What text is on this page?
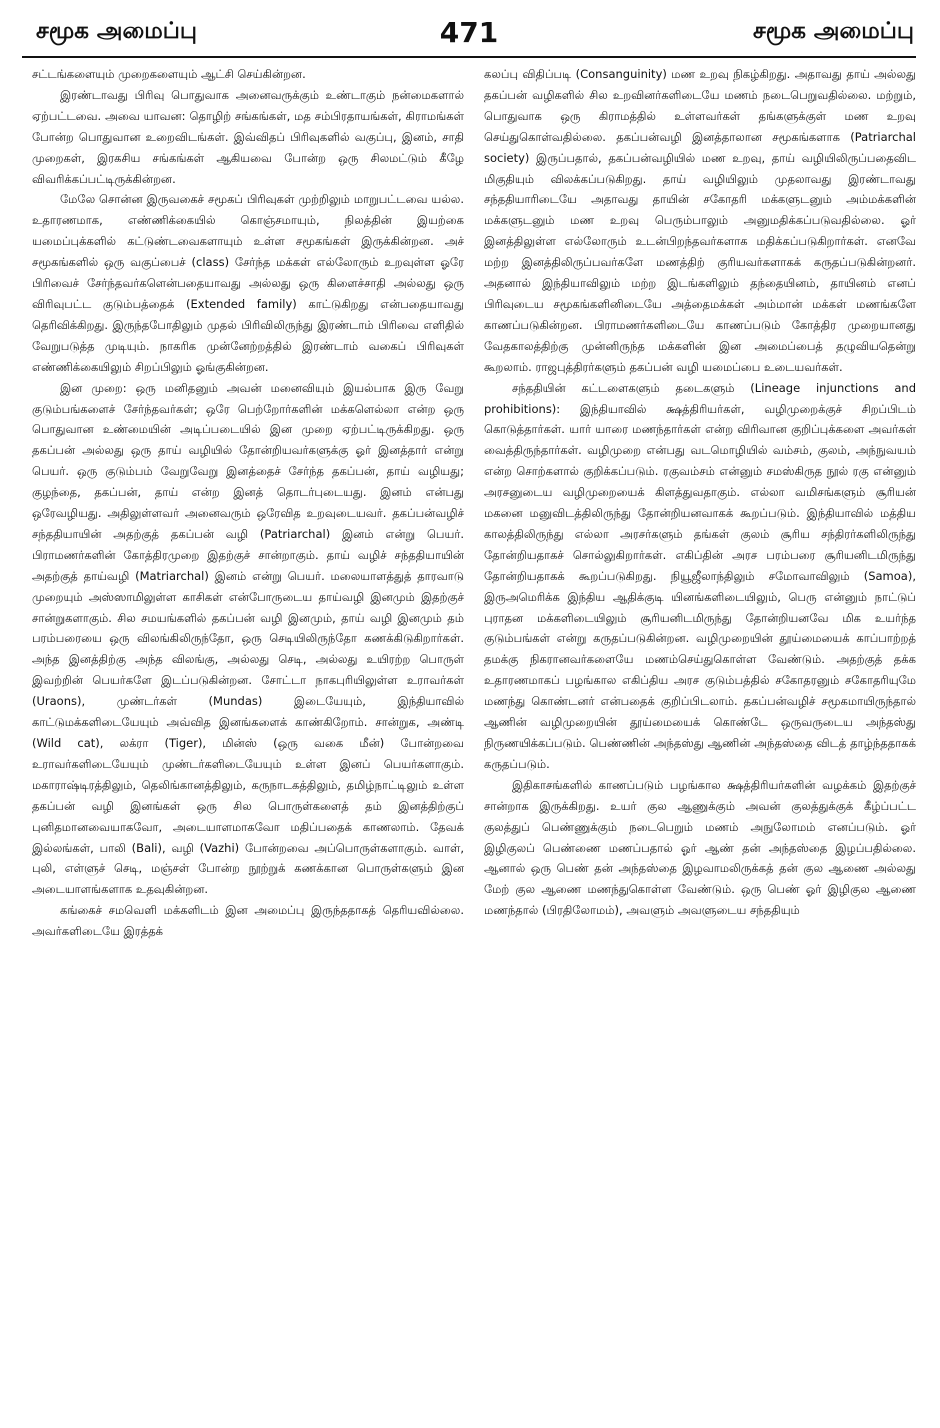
சமூக அமைப்பு	471	சமூக அமைப்பு

சட்டங்களையும் முறைகளையும் ஆட்சி செய்கின்றன.

இரண்டாவது பிரிவு பொதுவாக அனைவருக்கும் உண்டாகும் நன்மைகளால் ஏற்பட்டவை. அவை யாவன: தொழிற் சங்கங்கள், மத சம்பிரதாயங்கள், கிராமங்கள் போன்ற பொதுவான உறைவிடங்கள். இவ்விதப் பிரிவுகளில் வகுப்பு, இனம், சாதி முறைகள், இரகசிய சங்கங்கள் ஆகியவை போன்ற ஒரு சிலமட்டும் கீழே விவரிக்கப்பட்டிருக்கின்றன.

மேலே சொன்ன இருவகைச் சமூகப் பிரிவுகள் முற்றிலும் மாறுபட்டவை யல்ல. உதாரணமாக, எண்ணிக்கையில் கொஞ்சமாயும், நிலத்தின் இயற்கை யமைப்புக்களில் கட்டுண்டவைகளாயும் உள்ள சமூகங்கள் இருக்கின்றன. அச் சமூகங்களில் ஒரு வகுப்பைச் (class) சேர்ந்த மக்கள் எல்லோரும் உறவுள்ள ஓரே பிரிவைச் சேர்ந்தவர்களென்பதையாவது அல்லது ஒரு கிளைச்சாதி அல்லது ஒரு விரிவுபட்ட குடும்பத்தைக் (Extended family) காட்டுகிறது என்பதையாவது தெரிவிக்கிறது. இருந்தபோதிலும் முதல் பிரிவிலிருந்து இரண்டாம் பிரிவை எளிதில் வேறுபடுத்த முடியும். நாகரிக முன்னேற்றத்தில் இரண்டாம் வகைப் பிரிவுகள் எண்ணிக்கையிலும் சிறப்பிலும் ஓங்குகின்றன.

இன முறை: ஒரு மனிதனும் அவன் மனைவியும் இயல்பாக இரு வேறு குடும்பங்களைச் சேர்ந்தவர்கள்; ஒரே பெற்றோர்களின் மக்களெல்லா என்ற ஒரு பொதுவான உண்மையின் அடிப்படையில் இன முறை ஏற்பட்டிருக்கிறது. ஒரு தகப்பன் அல்லது ஒரு தாய் வழியில் தோன்றியவர்களுக்கு ஓர் இனத்தார் என்று பெயர். ஒரு குடும்பம் வேறுவேறு இனத்தைச் சேர்ந்த தகப்பன், தாய் வழியது; குழந்தை, தகப்பன், தாய் என்ற இனத் தொடர்புடையது. இனம் என்பது ஒரேவழியது. அதிலுள்ளவர் அனைவரும் ஒரேவித உறவுடையவர். தகப்பன்வழிச் சந்ததியாயின் அதற்குத் தகப்பன் வழி (Patriarchal) இனம் என்று பெயர். பிராமணர்களின் கோத்திரமுறை இதற்குச் சான்றாகும். தாய் வழிச் சந்ததியாயின் அதற்குத் தாய்வழி (Matriarchal) இனம் என்று பெயர். மலையாளத்துத் தாரவாடு முறையும் அஸ்ஸாமிலுள்ள காசிகள் என்போருடைய தாய்வழி இனமும் இதற்குச் சான்றுகளாகும். சில சமயங்களில் தகப்பன் வழி இனமும், தாய் வழி இனமும் தம் பரம்பரையை ஒரு விலங்கிலிருந்தோ, ஒரு செடியிலிருந்தோ கணக்கிடுகிறார்கள். அந்த இனத்திற்கு அந்த விலங்கு, அல்லது செடி, அல்லது உயிரற்ற பொருள் இவற்றின் பெயர்களே இடப்படுகின்றன. சோட்டா நாகபுரியிலுள்ள உராவர்கள் (Uraons), முண்டர்கள் (Mundas) இடையேயும், இந்தியாவில் காட்டுமக்களிடையேயும் அவ்வித இனங்களைக் காண்கிறோம். சான்றுக, அண்டி (Wild cat), லக்ரா (Tiger), மின்ஸ் (ஒரு வகை மீன்) போன்றவை உராவர்களிடையேயும் முண்டர்களிடையேயும் உள்ள இனப் பெயர்களாகும். மகாராஷ்டிரத்திலும், தெலிங்கானத்திலும், கருநாடகத்திலும், தமிழ்நாட்டிலும் உள்ள தகப்பன் வழி இனங்கள் ஒரு சில பொருள்களைத் தம் இனத்திற்குப் புனிதமானவையாகவோ, அடையாளமாகவோ மதிப்பதைக் காணலாம். தேவக் இல்லங்கள், பாலி (Bali), வழி (Vazhi) போன்றவை அப்பொருள்களாகும். வாள், புலி, எள்ளுச் செடி, மஞ்சள் போன்ற நூற்றுக் கணக்கான பொருள்களும் இன அடையாளங்களாக உதவுகின்றன.

கங்கைச் சமவெளி மக்களிடம் இன அமைப்பு இருந்ததாகத் தெரியவில்லை. அவர்களிடையே இரத்தக்

கலப்பு விதிப்படி (Consanguinity) மண உறவு நிகழ்கிறது. அதாவது தாய் அல்லது தகப்பன் வழிகளில் சில உறவினர்களிடையே மணம் நடைபெறுவதில்லை. மற்றும், பொதுவாக ஒரு கிராமத்தில் உள்ளவர்கள் தங்களுக்குள் மண உறவு செய்துகொள்வதில்லை. தகப்பன்வழி இனத்தாலான சமூகங்களாக (Patriarchal society) இருப்பதால், தகப்பன்வழியில் மண உறவு, தாய் வழியிலிருப்பதைவிட மிகுதியும் விலக்கப்படுகிறது. தாய் வழியிலும் முதலாவது இரண்டாவது சந்ததியாரிடையே அதாவது தாயின் சகோதரி மக்களுடனும் அம்மக்களின் மக்களுடனும் மண உறவு பெரும்பாலும் அனுமதிக்கப்படுவதில்லை. ஓர் இனத்திலுள்ள எல்லோரும் உடன்பிறந்தவர்களாக மதிக்கப்படுகிறார்கள். எனவே மற்ற இனத்திலிருப்பவர்களே மணத்திற் குரியவர்களாகக் கருதப்படுகின்றனர். அதனால் இந்தியாவிலும் மற்ற இடங்களிலும் தந்தையினம், தாயினம் எனப் பிரிவுடைய சமூகங்களினிடையே அத்தைமக்கள் அம்மான் மக்கள் மணங்களே காணப்படுகின்றன. பிராமணர்களிடையே காணப்படும் கோத்திர முறையானது வேதகாலத்திற்கு முன்னிருந்த மக்களின் இன அமைப்பைத் தழுவியதென்று கூறலாம். ராஜபுத்திரர்களும் தகப்பன் வழி யமைப்பை உடையவர்கள்.

சந்ததியின் கட்டளைகளும் தடைகளும் (Lineage injunctions and prohibitions): இந்தியாவில் க்ஷத்திரியர்கள், வழிமுறைக்குச் சிறப்பிடம் கொடுத்தார்கள். யார் யாரை மணந்தார்கள் என்ற விரிவான குறிப்புக்களை அவர்கள் வைத்திருந்தார்கள். வழிமுறை என்பது வடமொழியில் வம்சம், குலம், அந்நுவயம் என்ற சொற்களால் குறிக்கப்படும். ரகுவம்சம் என்னும் சமஸ்கிருத நூல் ரகு என்னும் அரசனுடைய வழிமுறையைக் கிளத்துவதாகும். எல்லா வமிசங்களும் சூரியன் மகனை மனுவிடத்திலிருந்து தோன்றியனவாகக் கூறப்படும். இந்தியாவில் மத்திய காலத்திலிருந்து எல்லா அரசர்களும் தங்கள் குலம் சூரிய சந்திரர்களிலிருந்து தோன்றியதாகச் சொல்லுகிறார்கள். எகிப்தின் அரச பரம்பரை சூரியனிடமிருந்து தோன்றியதாகக் கூறப்படுகிறது. நியூஜீலாந்திலும் சமோவாவிலும் (Samoa), இருஅமெரிக்க இந்திய ஆதிக்குடி யினங்களிடையிலும், பெரு என்னும் நாட்டுப் புராதன மக்களிடையிலும் சூரியனிடமிருந்து தோன்றியனவே மிக உயர்ந்த குடும்பங்கள் என்று கருதப்படுகின்றன. வழிமுறையின் தூய்மையைக் காப்பாற்றத் தமக்கு நிகரானவர்களையே மணம்செய்துகொள்ள வேண்டும். அதற்குத் தக்க உதாரணமாகப் பழங்கால எகிப்திய அரச குடும்பத்தில் சகோதரனும் சகோதரியுமே மணந்து கொண்டனர் என்பதைக் குறிப்பிடலாம். தகப்பன்வழிச் சமூகமாயிருந்தால் ஆணின் வழிமுறையின் தூய்மையைக் கொண்டே ஒருவருடைய அந்தஸ்து நிருணயிக்கப்படும். பெண்ணின் அந்தஸ்து ஆணின் அந்தஸ்தை விடத் தாழ்ந்ததாகக் கருதப்படும்.

இதிகாசங்களில் காணப்படும் பழங்கால க்ஷத்திரியர்களின் வழக்கம் இதற்குச் சான்றாக இருக்கிறது. உயர் குல ஆணுக்கும் அவன் குலத்துக்குக் கீழ்ப்பட்ட குலத்துப் பெண்ணுக்கும் நடைபெறும் மணம் அநுலோமம் எனப்படும். ஓர் இழிகுலப் பெண்ணை மணப்பதால் ஓர் ஆண் தன் அந்தஸ்தை இழப்பதில்லை. ஆனால் ஒரு பெண் தன் அந்தஸ்தை இழவாமலிருக்கத் தன் குல ஆணை அல்லது மேற் குல ஆணை மணந்துகொள்ள வேண்டும். ஒரு பெண் ஓர் இழிகுல ஆணை மணந்தால் (பிரதிலோமம்), அவளும் அவளுடைய சந்ததியும்
